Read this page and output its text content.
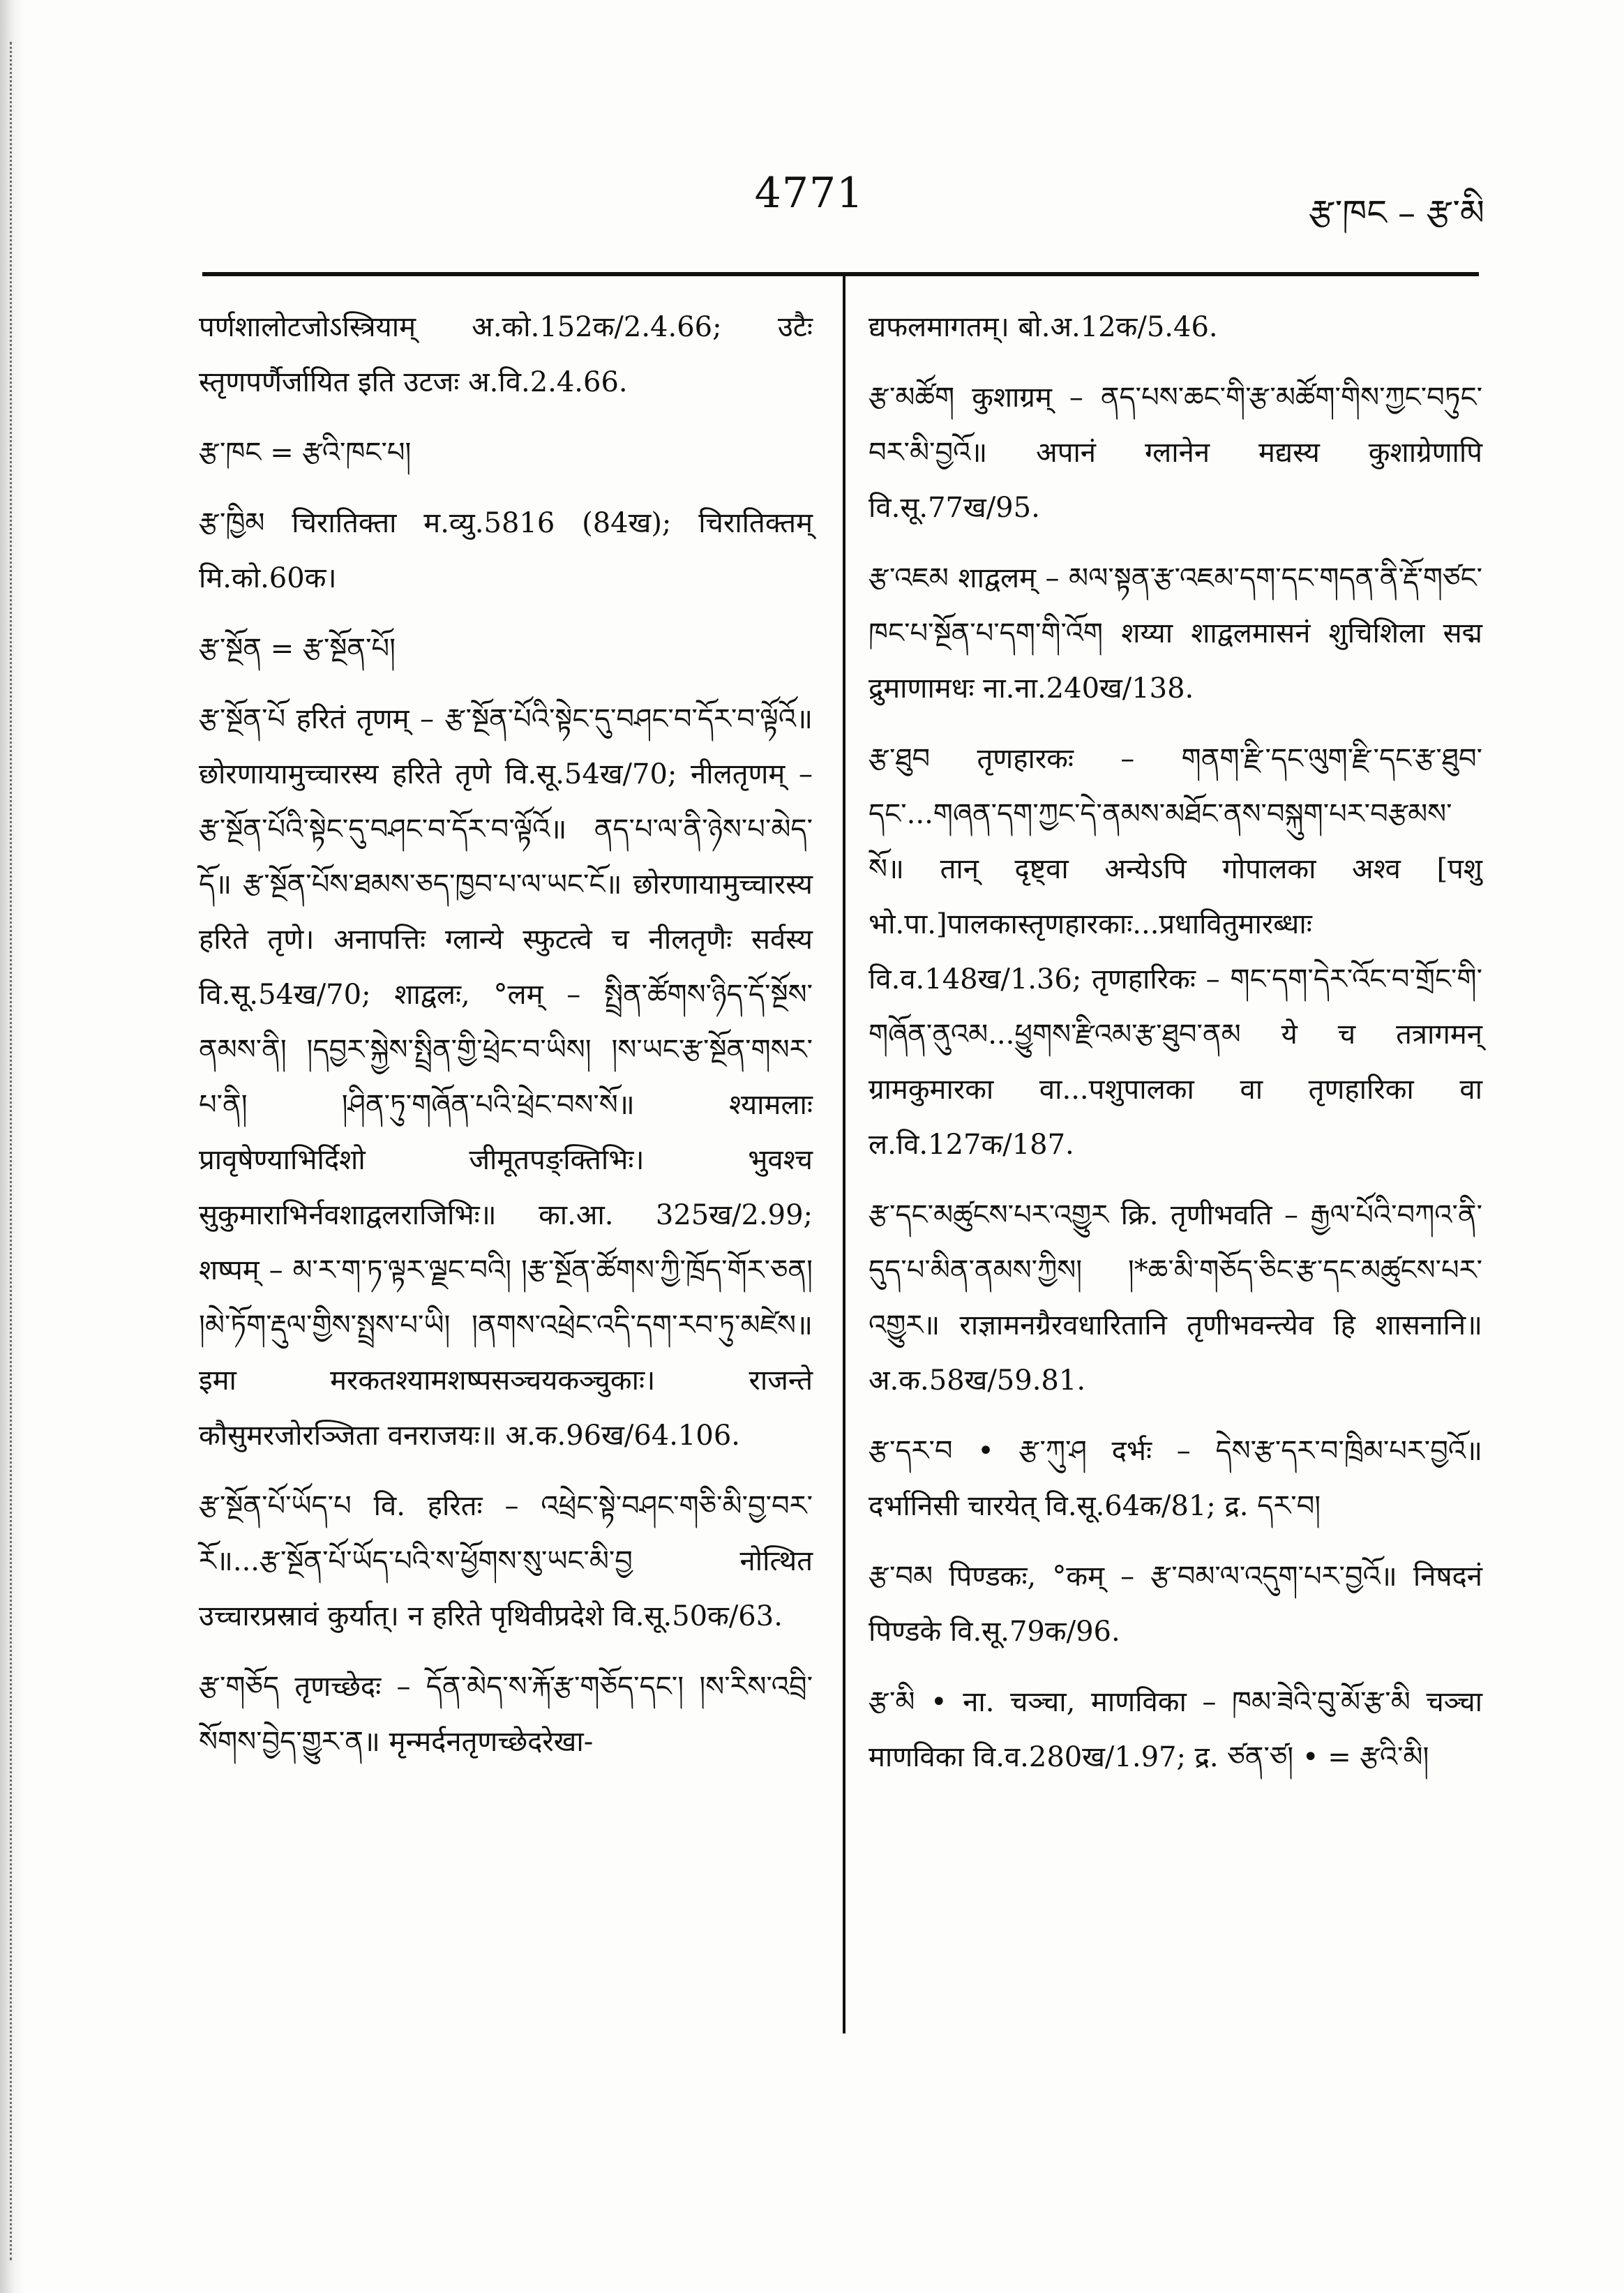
4771	རྩ་ཁང – རྩ་མི

पर्णशालोटजोऽस्त्रियाम् अ.को.152क/2.4.66; उटैः स्तृणपर्णैर्जायित इति उटजः अ.वि.2.4.66.

རྩ་ཁང = རྩའི་ཁང་པ།

རྩ་ཁྱིམ चिरातिक्ता म.व्यु.5816 (84ख); चिरातिक्तम् मि.को.60क।

རྩ་སྔོན = རྩ་སྔོན་པོ།

རྩ་སྔོན་པོ हरितं तृणम् – རྩ་སྔོན་པོའི་སྟེང་དུ་བཤང་བ་དོར་བ་ལྟོའོ॥ छोरणायामुच्चारस्य हरिते तृणे वि.सू.54ख/70; नीलतृणम् – རྩ་སྔོན་པོའི་སྟེང་དུ་བཤང་བ་དོར་བ་ལྟོའོ॥ ནད་པ་ལ་ནི་ཉེས་པ་མེད་དོ॥ རྩ་སྔོན་པོས་ཐམས་ཅད་ཁྱབ་པ་ལ་ཡང་ངོ॥ छोरणायामुच्चारस्य हरिते तृणे। अनापत्तिः ग्लान्ये स्फुटत्वे च नीलतृणैः सर्वस्य वि.सू.54ख/70; शाद्वलः, °लम् – སྤྲིན་ཚོགས་ཉིད་དོ་སྔོས་ནམས་ནི། །དབྱར་སྐྱེས་སྤྲིན་གྱི་ཕྲེང་བ་ཡིས། །ས་ཡང་རྩ་སྔོན་གསར་པ་ནི། །ཤིན་ཏུ་གཞོན་པའི་ཕྲེང་བས་སོ॥ श्यामलाः प्रावृषेण्याभिर्दिशो जीमूतपङ्क्तिभिः। भुवश्च सुकुमाराभिर्नवशाद्वलराजिभिः॥ का.आ. 325ख/2.99; शष्पम् – མ་ར་ག་ཏ་ལྟར་ལྗང་བའི། །རྩ་སྔོན་ཚོགས་ཀྱི་ཁྲོད་གོར་ཅན། །མེ་ཏོག་རྡུལ་གྱིས་སྤྲས་པ་ཡི། །ནགས་འཕྲེང་འདི་དག་རབ་ཏུ་མཛེས॥ इमा मरकतश्यामशष्पसञ्चयकञ्चुकाः। राजन्ते कौसुमरजोरञ्जिता वनराजयः॥ अ.क.96ख/64.106.

རྩ་སྔོན་པོ་ཡོད་པ वि. हरितः – འཕྲེང་སྟེ་བཤང་གཅི་མི་བྱ་བར་རོ॥...རྩ་སྔོན་པོ་ཡོད་པའི་ས་ཕྱོགས་སུ་ཡང་མི་བྱ नोत्थित उच्चारप्रस्रावं कुर्यात्। न हरिते पृथिवीप्रदेशे वि.सू.50क/63.

རྩ་གཅོད तृणच्छेदः – དོན་མེད་ས་རྐོ་རྩ་གཅོད་དང་། །ས་རིས་འབྲི་སོགས་བྱེད་གྱུར་ན॥ मृन्मर्दनतृणच्छेदरेखा-

द्यफलमागतम्। बो.अ.12क/5.46.

རྩ་མཚོག कुशाग्रम् – ནད་པས་ཆང་གི་རྩ་མཚོག་གིས་ཀྱང་བཏུང་བར་མི་བྱའོ॥ अपानं ग्लानेन मद्यस्य कुशाग्रेणापि वि.सू.77ख/95.

རྩ་འཇམ शाद्वलम् – མལ་སྟན་རྩ་འཇམ་དག་དང་གདན་ནི་རྡོ་གཙང་ཁང་པ་སྔོན་པ་དག་གི་འོག शय्या शाद्वलमासनं शुचिशिला सद्म द्रुमाणामधः ना.ना.240ख/138.

རྩ་ཐུབ तृणहारकः – གནག་རྫི་དང་ལུག་རྫི་དང་རྩ་ཐུབ་དང་...གཞན་དག་ཀྱང་དེ་ནམས་མཐོང་ནས་བསྐུག་པར་བརྩམས་སོ॥ तान् दृष्ट्वा अन्येऽपि गोपालका अश्व [पशु भो.पा.]पालकास्तृणहारकाः...प्रधावितुमारब्धाः वि.व.148ख/1.36; तृणहारिकः – གང་དག་དེར་འོང་བ་གྲོང་གི་གཞོན་ནུའམ...ཕྱུགས་རྫིའམ་རྩ་ཐུབ་ནམ ये च तत्रागमन् ग्रामकुमारका वा...पशुपालका वा तृणहारिका वा ल.वि.127क/187.

རྩ་དང་མཚུངས་པར་འགྱུར क्रि. तृणीभवति – རྒྱལ་པོའི་བཀའ་ནི་དུད་པ་མིན་ནམས་ཀྱིས། །*ཆ་མི་གཅོད་ཅིང་རྩ་དང་མཚུངས་པར་འགྱུར॥ राज्ञामनग्रैरवधारितानि तृणीभवन्त्येव हि शासनानि॥ अ.क.58ख/59.81.

རྩ་དར་བ • རྩ་ཀུ་ཤ दर्भः – དེས་རྩ་དར་བ་ཁྲིམ་པར་བྱའོ॥ दर्भानिसी चारयेत् वि.सू.64क/81; द्र. དར་བ།

རྩ་བམ पिण्डकः, °कम् – རྩ་བམ་ལ་འདུག་པར་བྱའོ॥ निषदनं पिण्डके वि.सू.79क/96.

རྩ་མི • ना. चञ्चा, माणविका – ཁམ་ཟེའི་བུ་མོ་རྩ་མི चञ्चा माणविका वि.व.280ख/1.97; द्र. ཙན་ཙ། • = རྩའི་མི།
